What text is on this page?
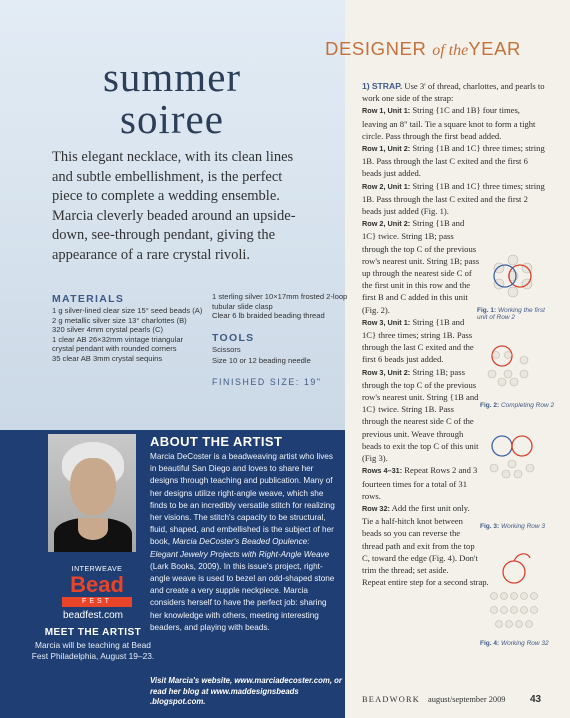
summer
soiree
This elegant necklace, with its clean lines and subtle embellishment, is the perfect piece to complete a wedding ensemble. Marcia cleverly beaded around an upside-down, see-through pendant, giving the appearance of a rare crystal rivoli.
MATERIALS
1 g silver-lined clear size 15° seed beads (A)
2 g metallic silver size 13° charlottes (B)
320 silver 4mm crystal pearls (C)
1 clear AB 26×32mm vintage triangular crystal pendant with rounded corners
35 clear AB 3mm crystal sequins
1 sterling silver 10×17mm frosted 2-loop tubular slide clasp
Clear 6 lb braided beading thread
TOOLS
Scissors
Size 10 or 12 beading needle
FINISHED SIZE: 19"
INTERWEAVE
Bead
FEST
beadfest.com
MEET THE ARTIST
Marcia will be teaching at Bead Fest Philadelphia, August 19–23.
ABOUT THE ARTIST
Marcia DeCoster is a beadweaving artist who lives in beautiful San Diego and loves to share her designs through teaching and publication. Many of her designs utilize right-angle weave, which she finds to be an incredibly versatile stitch for realizing her visions. The stitch's capacity to be structural, fluid, shaped, and embellished is the subject of her book, Marcia DeCoster's Beaded Opulence: Elegant Jewelry Projects with Right-Angle Weave (Lark Books, 2009). In this issue's project, right-angle weave is used to bezel an odd-shaped stone and create a very supple neckpiece. Marcia considers herself to have the perfect job: sharing her knowledge with others, meeting interesting beaders, and playing with beads.
Visit Marcia's website, www.marciadecoster.com, or read her blog at www.maddesignsbeads .blogspot.com.
DESIGNER of theYEAR

1) STRAP. Use 3' of thread, charlottes, and pearls to work one side of the strap:

Row 1, Unit 1: String {1C and 1B} four times, leaving an 8" tail. Tie a square knot to form a tight circle. Pass through the first bead added.

Row 1, Unit 2: String {1B and 1C} three times; string 1B. Pass through the last C exited and the first 6 beads just added.

Row 2, Unit 1: String {1B and 1C} three times; string 1B. Pass through the last C exited and the first 2 beads just added (Fig. 1).

Row 2, Unit 2: String {1B and 1C} twice. String 1B; pass through the top C of the previous row's nearest unit. String 1B; pass up through the nearest side C of the first unit in this row and the first B and C added in this unit (Fig. 2).

Row 3, Unit 1: String {1B and 1C} three times; string 1B. Pass through the last C exited and the first 6 beads just added.

Row 3, Unit 2: String 1B; pass through the top C of the previous row's nearest unit. String {1B and 1C} twice. String 1B. Pass through the nearest side C of the previous unit. Weave through beads to exit the top C of this unit (Fig 3).

Rows 4–31: Repeat Rows 2 and 3 fourteen times for a total of 31 rows.

Row 32: Add the first unit only. Tie a half-hitch knot between beads so you can reverse the thread path and exit from the top C, toward the edge (Fig. 4). Don't trim the thread; set aside.

Repeat entire step for a second strap.

Fig. 1: Working the first unit of Row 2
Fig. 2: Completing Row 2
Fig. 3: Working Row 3
Fig. 4: Working Row 32
BEADWORK august/september 2009 43
